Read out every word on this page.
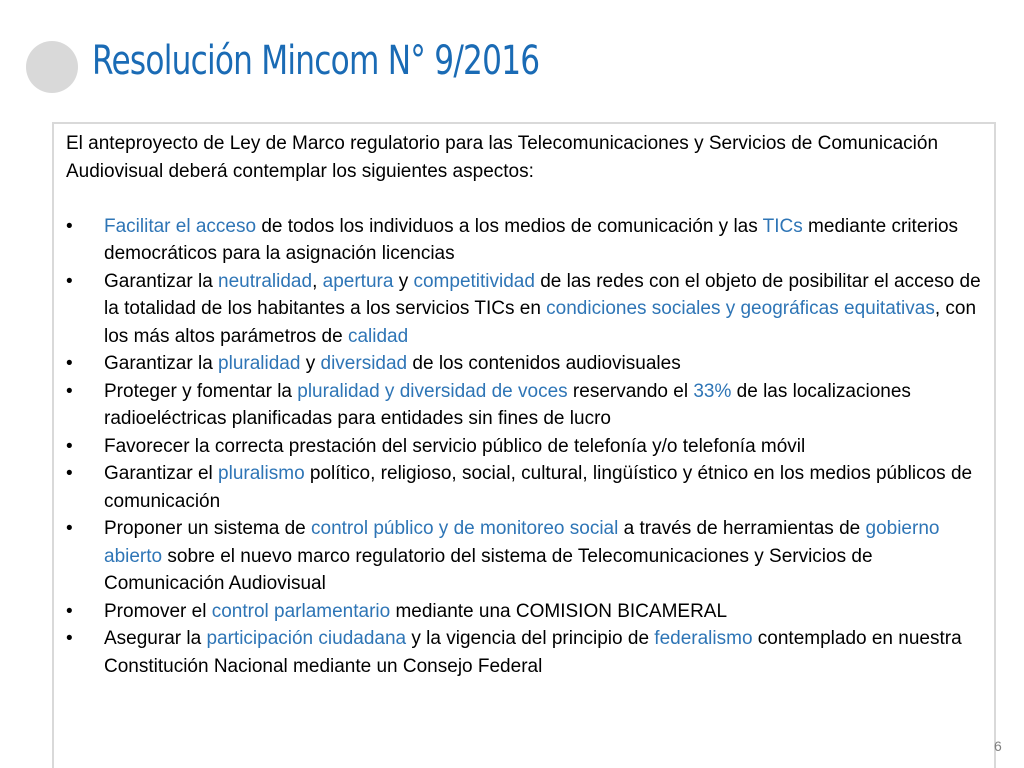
Resolución Mincom N° 9/2016

El anteproyecto de Ley de Marco regulatorio para las Telecomunicaciones y Servicios de Comunicación Audiovisual deberá contemplar los siguientes aspectos:

• Facilitar el acceso de todos los individuos a los medios de comunicación y las TICs mediante criterios democráticos para la asignación licencias
• Garantizar la neutralidad, apertura y competitividad de las redes con el objeto de posibilitar el acceso de la totalidad de los habitantes a los servicios TICs en condiciones sociales y geográficas equitativas, con los más altos parámetros de calidad
• Garantizar la pluralidad y diversidad de los contenidos audiovisuales
• Proteger y fomentar la pluralidad y diversidad de voces reservando el 33% de las localizaciones radioeléctricas planificadas para entidades sin fines de lucro
• Favorecer la correcta prestación del servicio público de telefonía y/o telefonía móvil
• Garantizar el pluralismo político, religioso, social, cultural, lingüístico y étnico en los medios públicos de comunicación
• Proponer un sistema de control público y de monitoreo social a través de herramientas de gobierno abierto sobre el nuevo marco regulatorio del sistema de Telecomunicaciones y Servicios de Comunicación Audiovisual
• Promover el control parlamentario mediante una COMISION BICAMERAL
• Asegurar la participación ciudadana y la vigencia del principio de federalismo contemplado en nuestra Constitución Nacional mediante un Consejo Federal
6
